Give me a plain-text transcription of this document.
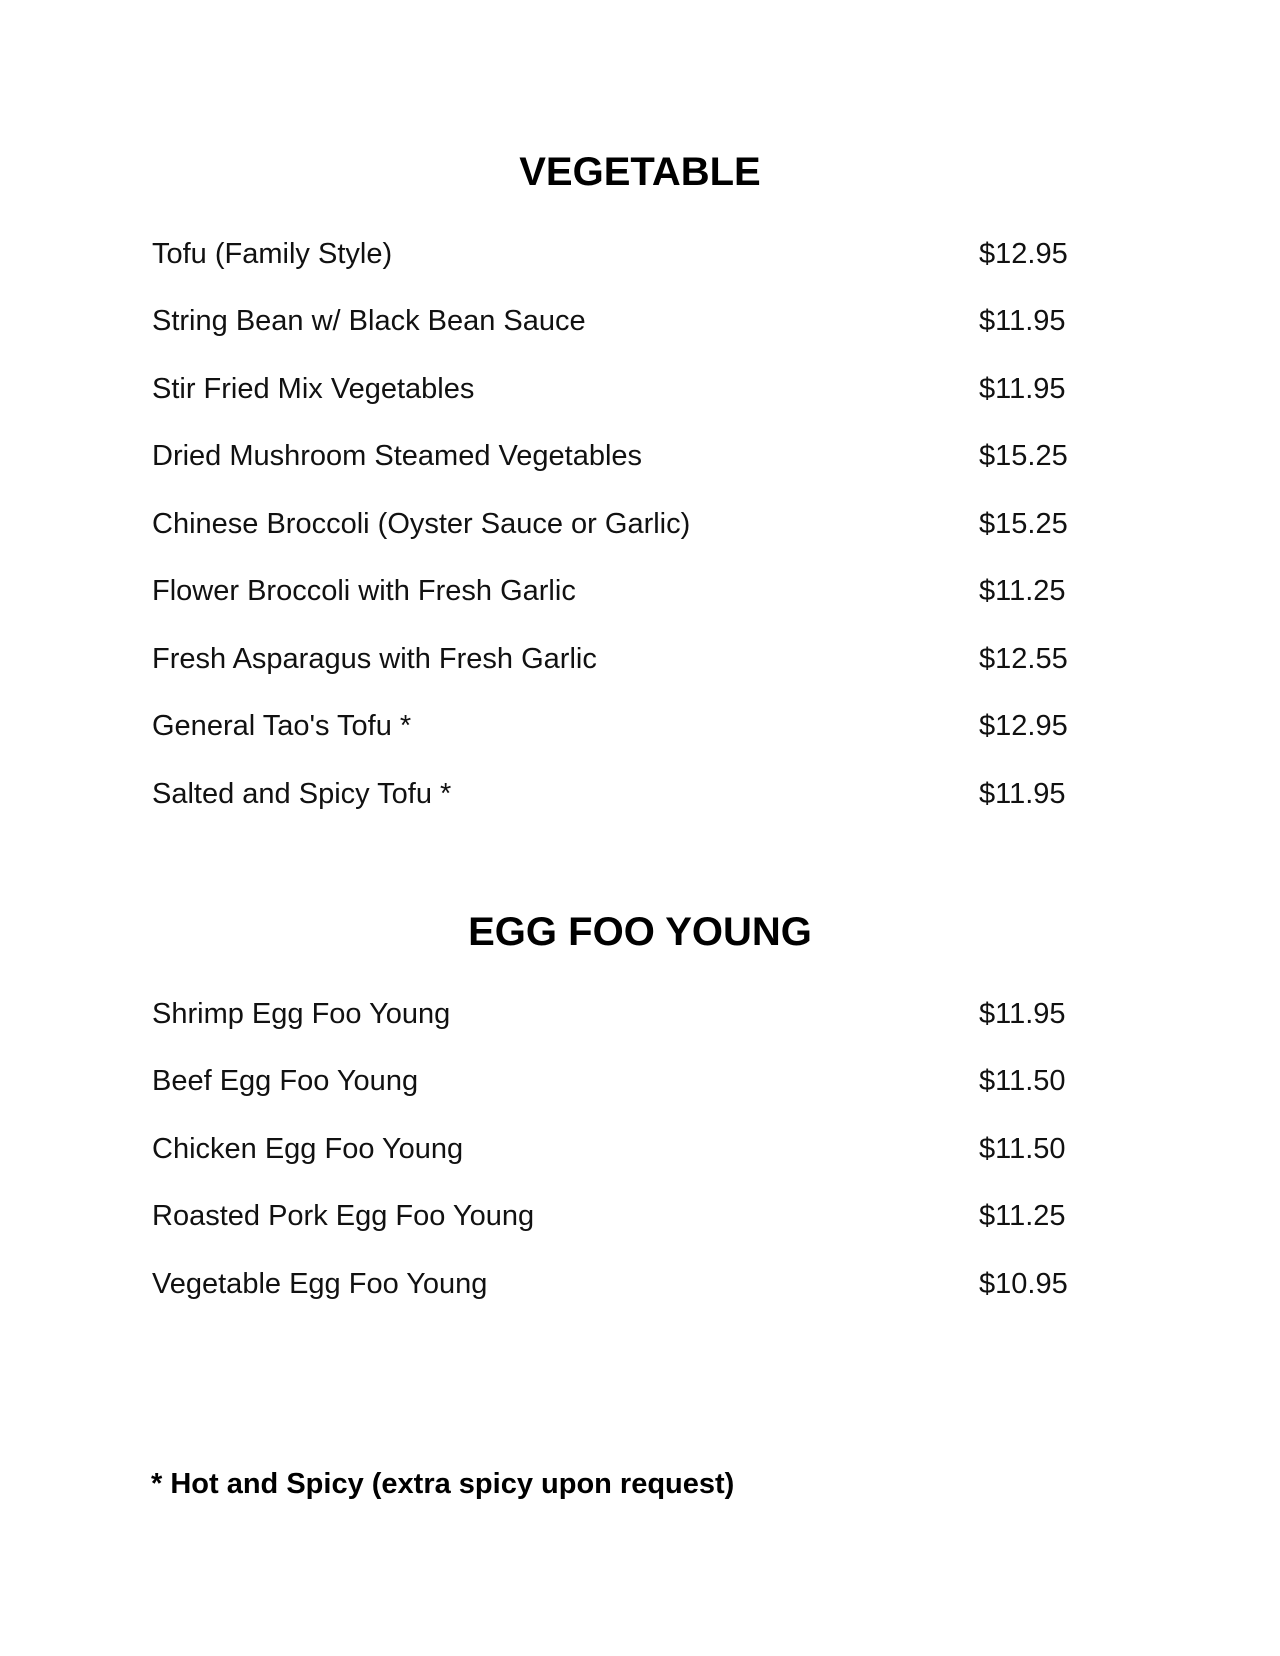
VEGETABLE
Tofu (Family Style)	$12.95
String Bean w/ Black Bean Sauce	$11.95
Stir Fried Mix Vegetables	$11.95
Dried Mushroom Steamed Vegetables	$15.25
Chinese Broccoli (Oyster Sauce or Garlic)	$15.25
Flower Broccoli with Fresh Garlic	$11.25
Fresh Asparagus with Fresh Garlic	$12.55
General Tao's Tofu *	$12.95
Salted and Spicy Tofu *	$11.95
EGG FOO YOUNG
Shrimp Egg Foo Young	$11.95
Beef Egg Foo Young	$11.50
Chicken Egg Foo Young	$11.50
Roasted Pork Egg Foo Young	$11.25
Vegetable Egg Foo Young	$10.95
* Hot and Spicy (extra spicy upon request)
